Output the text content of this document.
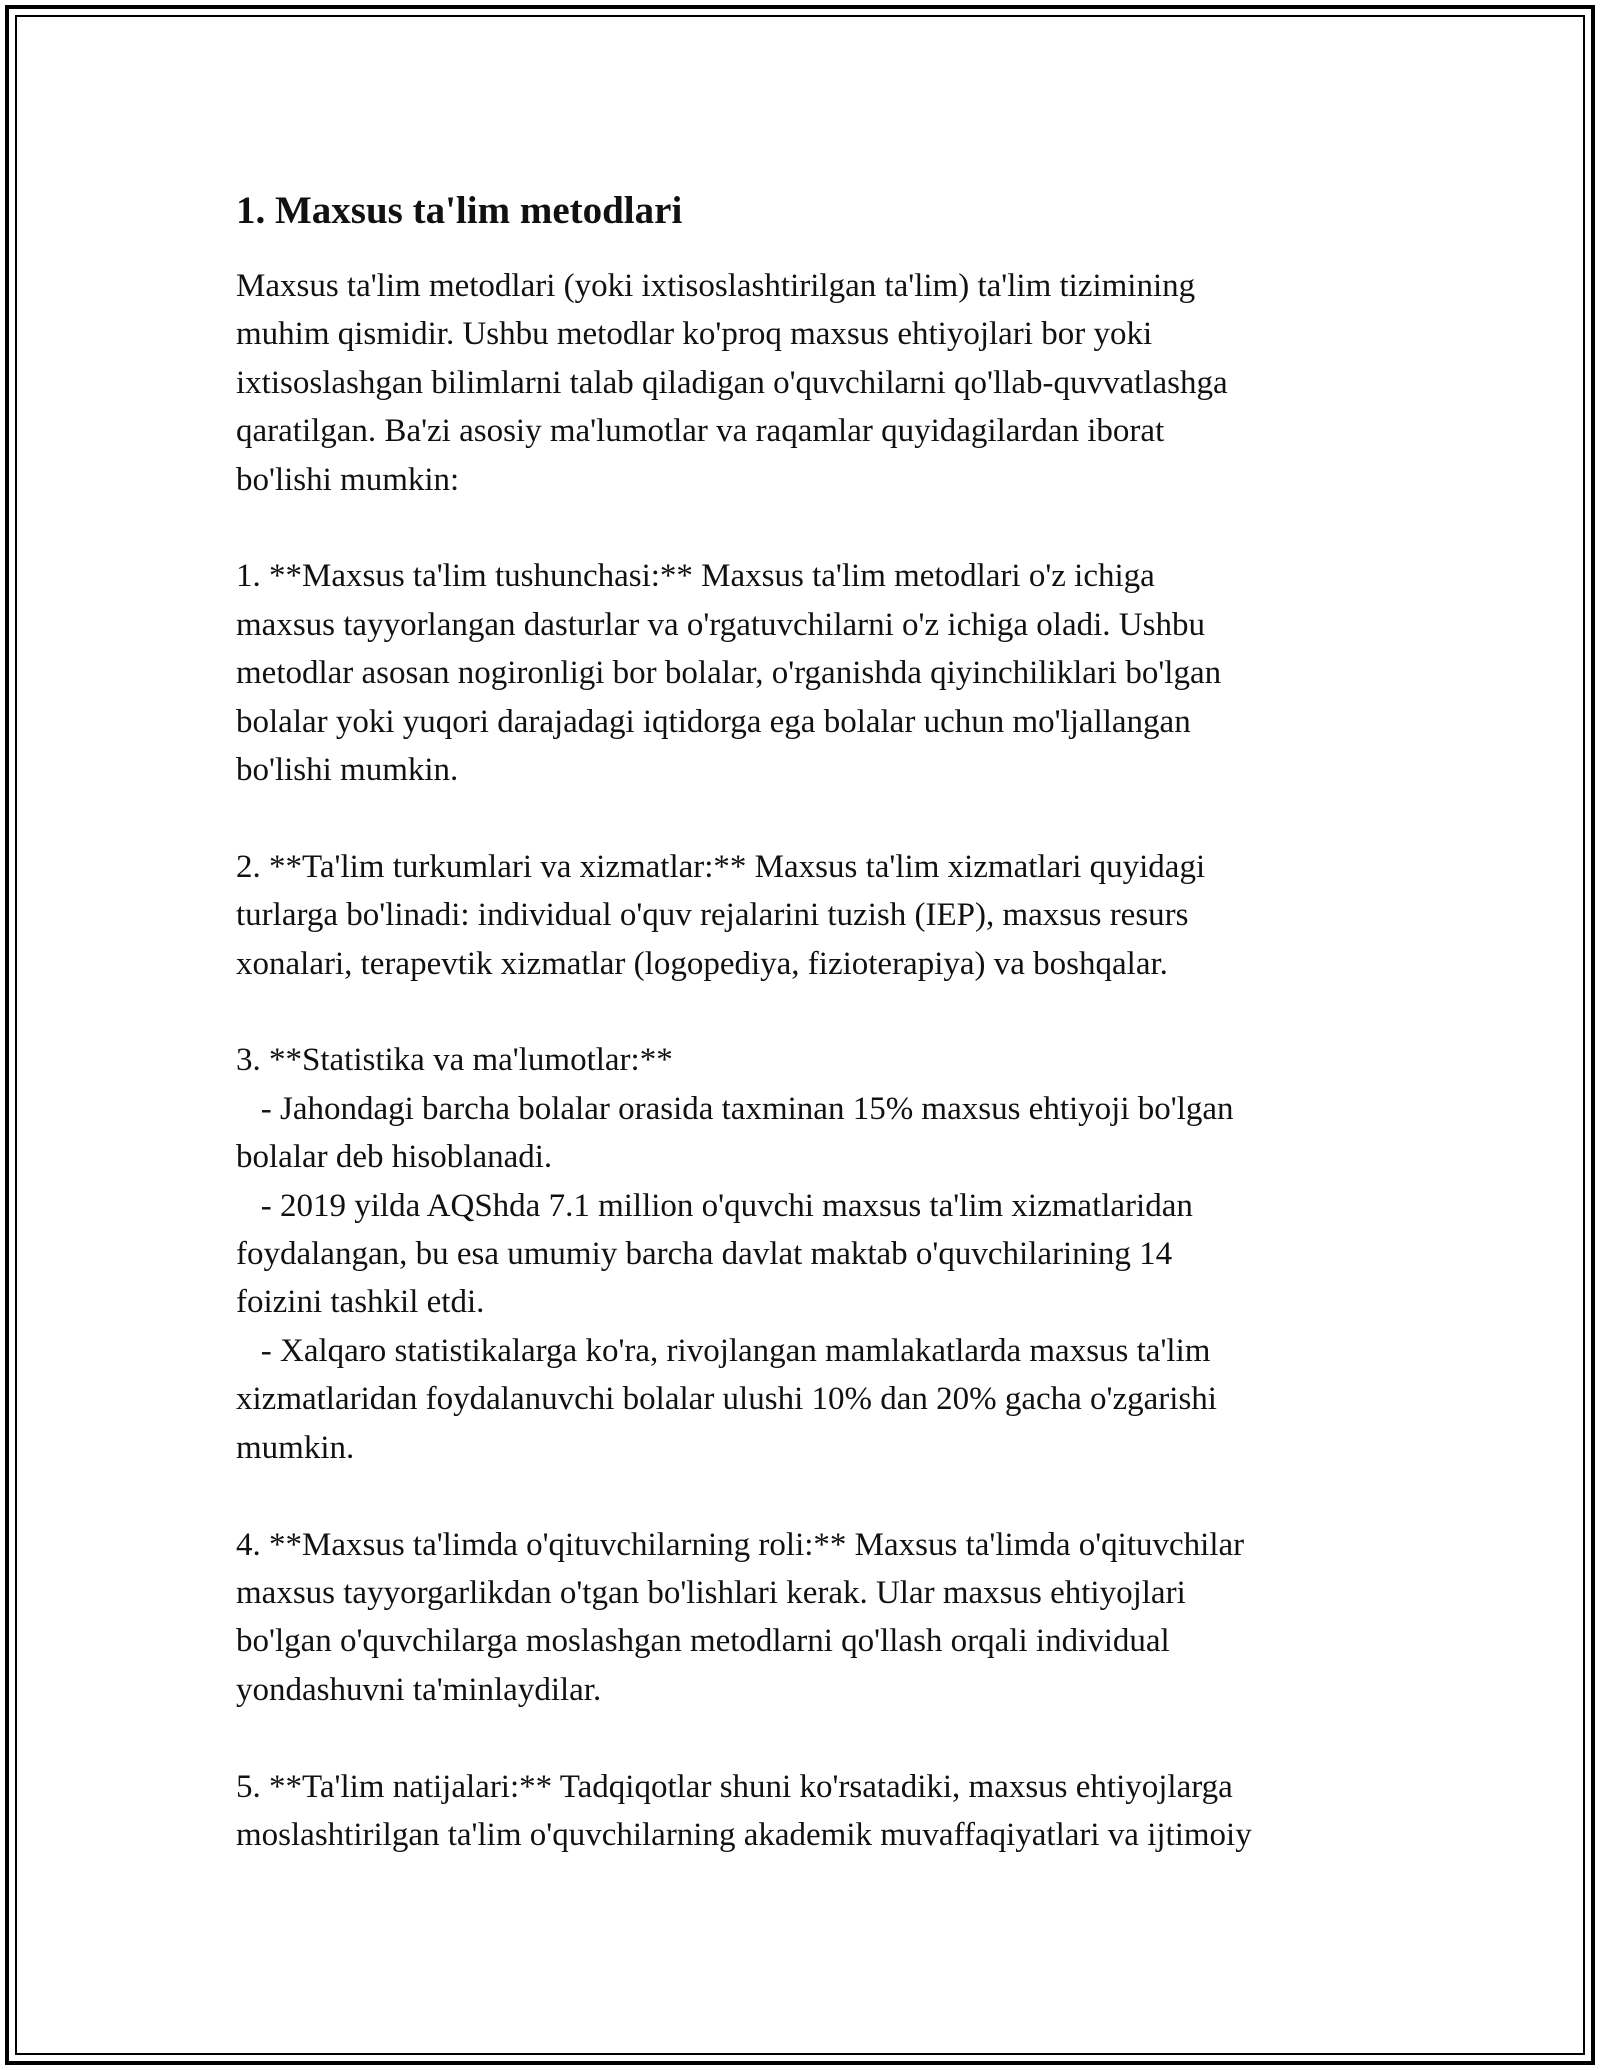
1. Maxsus ta'lim metodlari
Maxsus ta'lim metodlari (yoki ixtisoslashtirilgan ta'lim) ta'lim tizimining
muhim qismidir. Ushbu metodlar ko'proq maxsus ehtiyojlari bor yoki
ixtisoslashgan bilimlarni talab qiladigan o'quvchilarni qo'llab-quvvatlashga
qaratilgan. Ba'zi asosiy ma'lumotlar va raqamlar quyidagilardan iborat
bo'lishi mumkin:
1. **Maxsus ta'lim tushunchasi:** Maxsus ta'lim metodlari o'z ichiga
maxsus tayyorlangan dasturlar va o'rgatuvchilarni o'z ichiga oladi. Ushbu
metodlar asosan nogironligi bor bolalar, o'rganishda qiyinchiliklari bo'lgan
bolalar yoki yuqori darajadagi iqtidorga ega bolalar uchun mo'ljallangan
bo'lishi mumkin.
2. **Ta'lim turkumlari va xizmatlar:** Maxsus ta'lim xizmatlari quyidagi
turlarga bo'linadi: individual o'quv rejalarini tuzish (IEP), maxsus resurs
xonalari, terapevtik xizmatlar (logopediya, fizioterapiya) va boshqalar.
3. **Statistika va ma'lumotlar:**
- Jahondagi barcha bolalar orasida taxminan 15% maxsus ehtiyoji bo'lgan
bolalar deb hisoblanadi.
- 2019 yilda AQShda 7.1 million o'quvchi maxsus ta'lim xizmatlaridan
foydalangan, bu esa umumiy barcha davlat maktab o'quvchilarining 14
foizini tashkil etdi.
- Xalqaro statistikalarga ko'ra, rivojlangan mamlakatlarda maxsus ta'lim
xizmatlaridan foydalanuvchi bolalar ulushi 10% dan 20% gacha o'zgarishi
mumkin.
4. **Maxsus ta'limda o'qituvchilarning roli:** Maxsus ta'limda o'qituvchilar
maxsus tayyorgarlikdan o'tgan bo'lishlari kerak. Ular maxsus ehtiyojlari
bo'lgan o'quvchilarga moslashgan metodlarni qo'llash orqali individual
yondashuvni ta'minlaydilar.
5. **Ta'lim natijalari:** Tadqiqotlar shuni ko'rsatadiki, maxsus ehtiyojlarga
moslashtirilgan ta'lim o'quvchilarning akademik muvaffaqiyatlari va ijtimoiy
